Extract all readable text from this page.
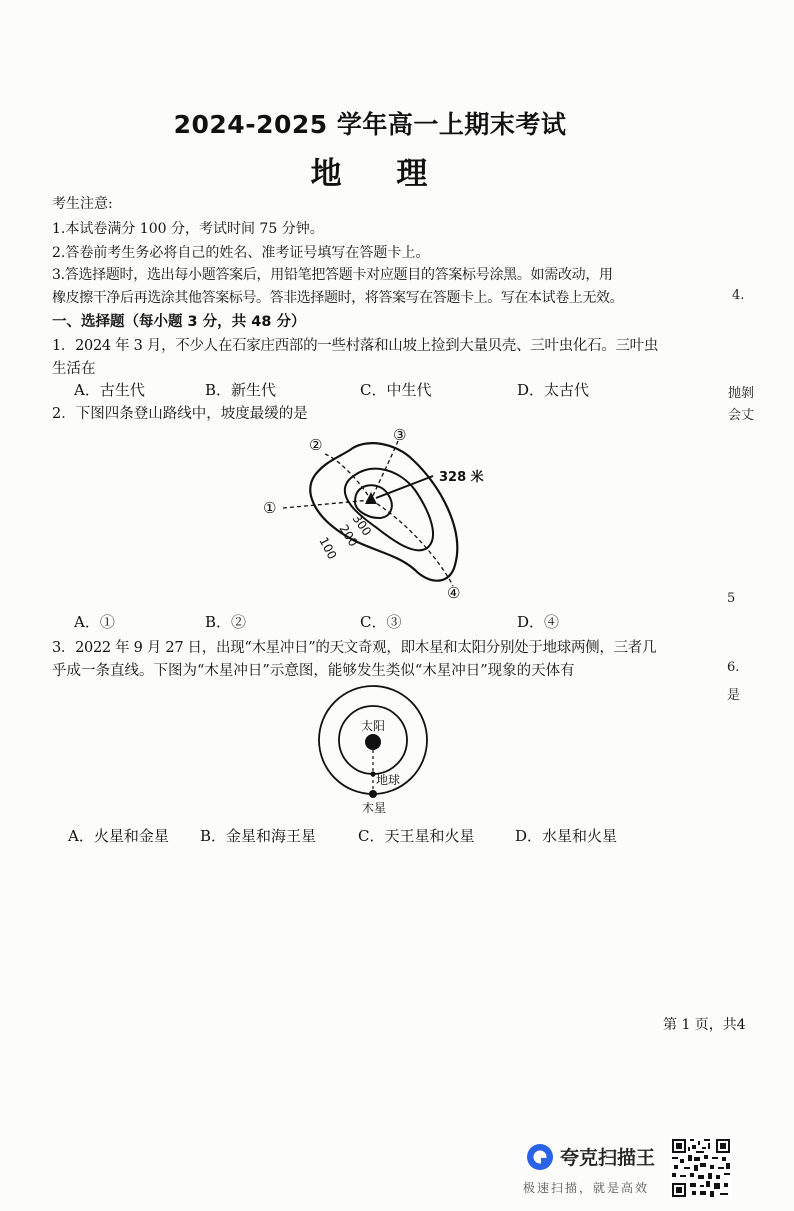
2024-2025 学年高一上期末考试
地 理
考生注意:
1.本试卷满分 100 分，考试时间 75 分钟。
2.答卷前考生务必将自己的姓名、准考证号填写在答题卡上。
3.答选择题时，选出每小题答案后，用铅笔把答题卡对应题目的答案标号涂黑。如需改动，用
橡皮擦干净后再选涂其他答案标号。答非选择题时，将答案写在答题卡上。写在本试卷上无效。
一、选择题（每小题 3 分，共 48 分）
1．2024 年 3 月，不少人在石家庄西部的一些村落和山坡上捡到大量贝壳、三叶虫化石。三叶虫
生活在
A．古生代	B．新生代	C．中生代	D．太古代
2．下图四条登山路线中，坡度最缓的是
328 米
300
200
100
①
②
③
④
A．①	B．②	C．③	D．④
3．2022 年 9 月 27 日，出现“木星冲日”的天文奇观，即木星和太阳分别处于地球两侧，三者几
乎成一条直线。下图为“木星冲日”示意图，能够发生类似“木星冲日”现象的天体有
太阳
地球
木星
A．火星和金星 B．金星和海王星	C．天王星和火星	D．水星和火星
4.
抛剝
会丈
5
6.
是
第 1 页，共4
夸克扫描王
极速扫描，就是高效
